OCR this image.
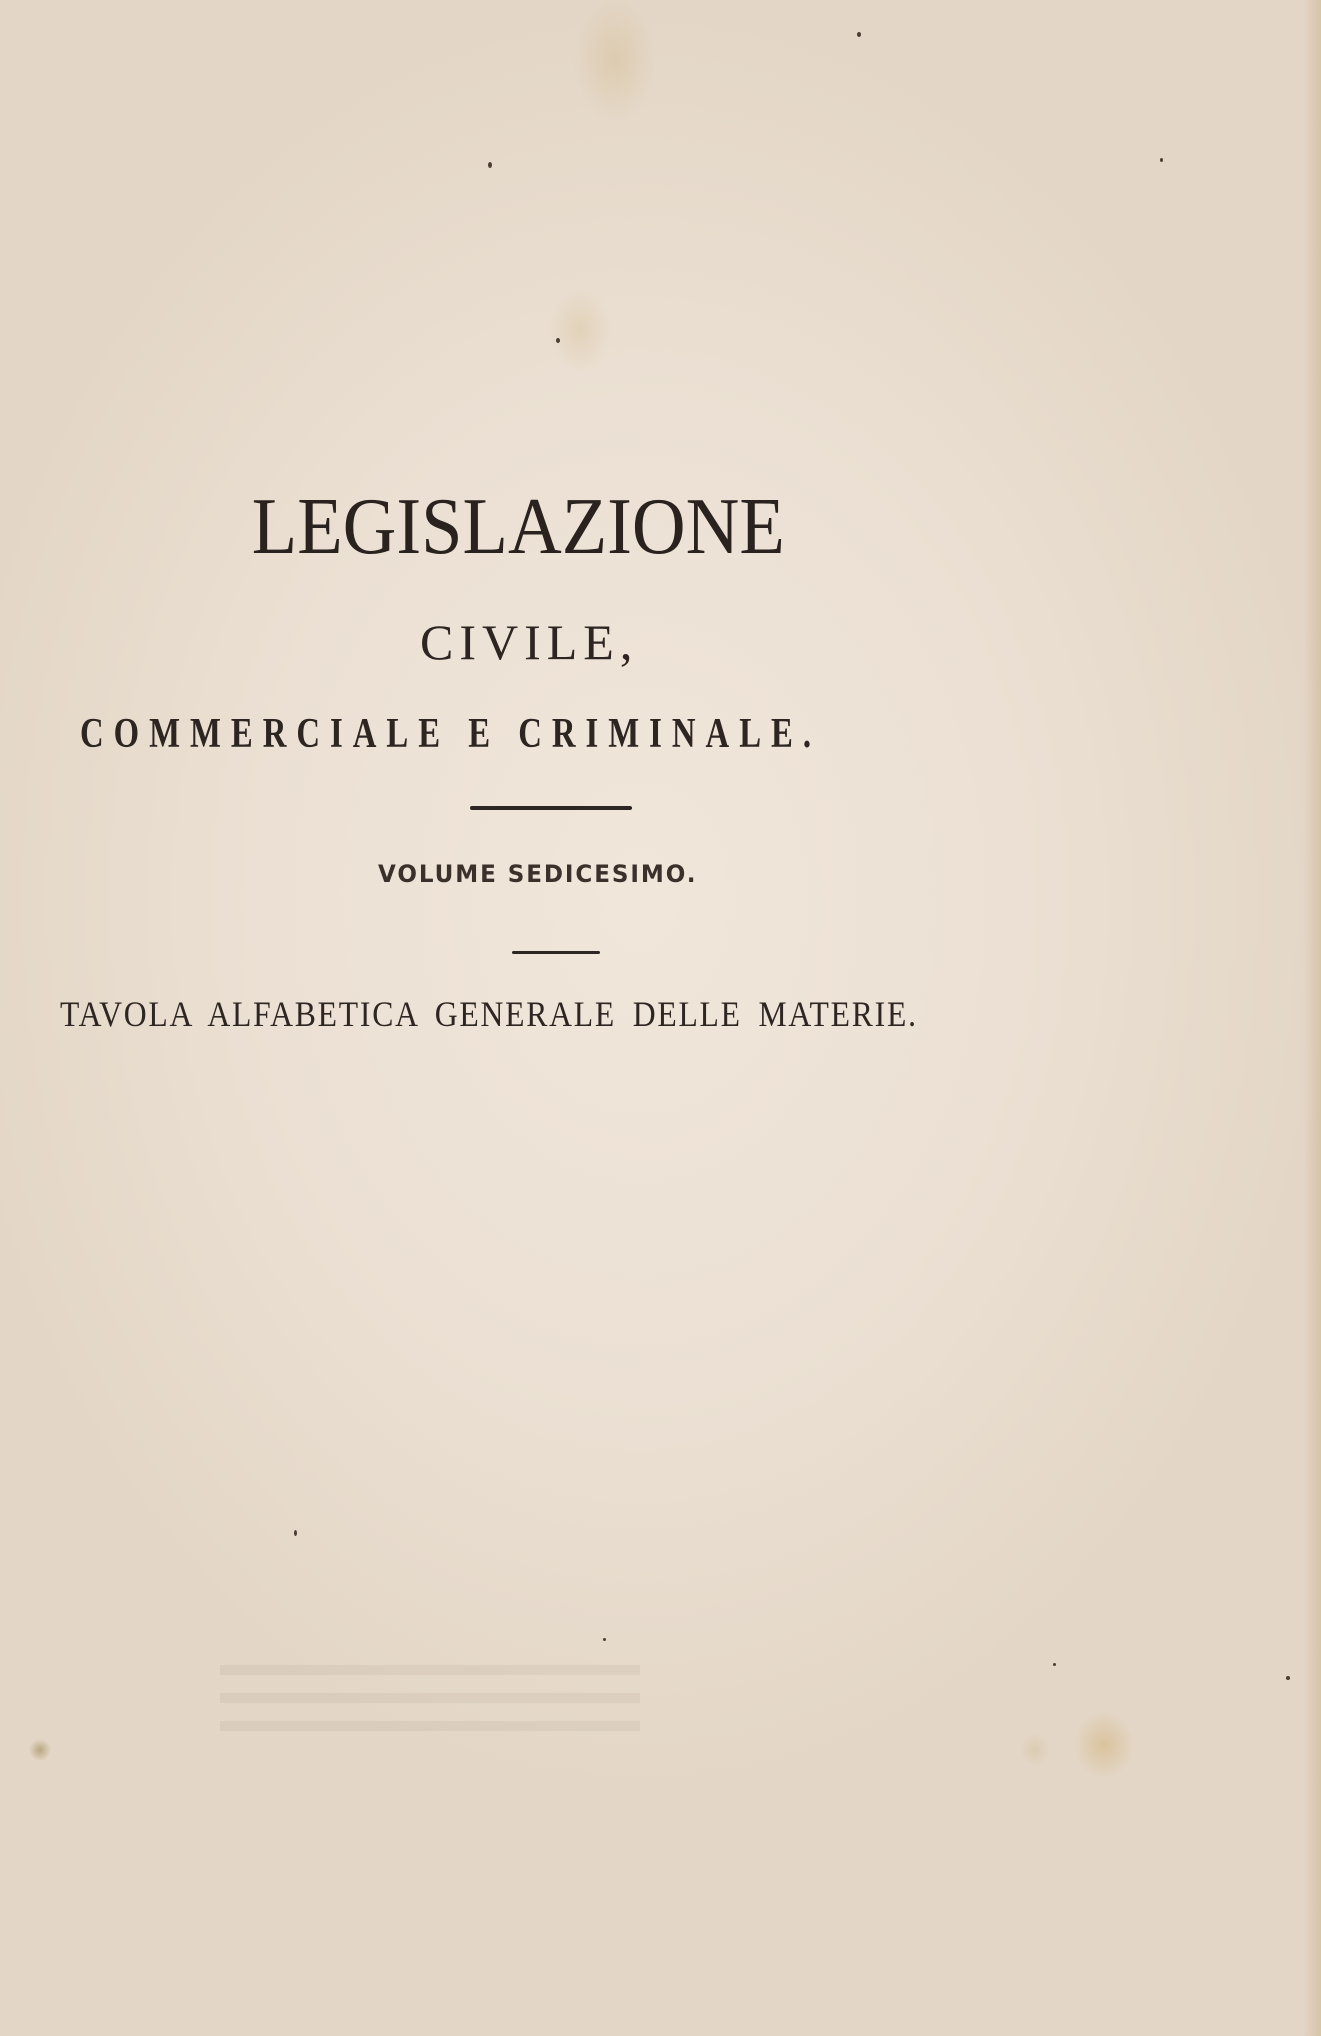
LEGISLAZIONE
CIVILE,
COMMERCIALE E CRIMINALE.
VOLUME SEDICESIMO.
TAVOLA ALFABETICA GENERALE DELLE MATERIE.
